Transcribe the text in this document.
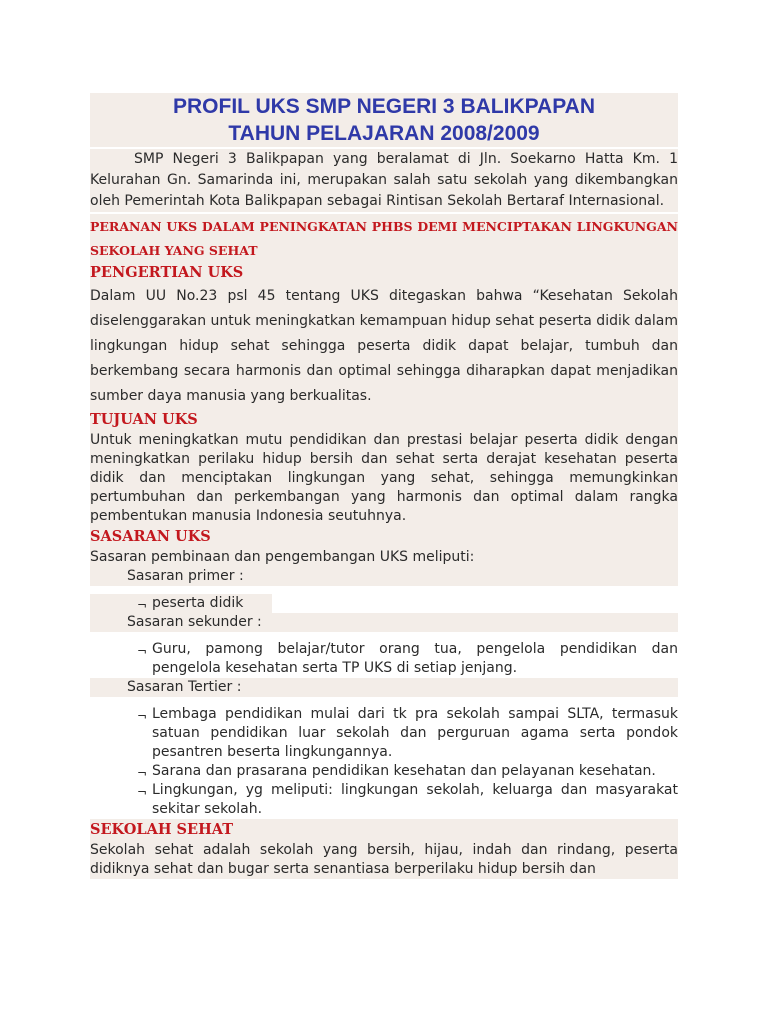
PROFIL UKS SMP NEGERI 3 BALIKPAPAN

TAHUN PELAJARAN 2008/2009

SMP Negeri 3 Balikpapan yang beralamat di Jln. Soekarno Hatta Km. 1 Kelurahan Gn. Samarinda ini, merupakan salah satu sekolah yang dikembangkan oleh Pemerintah Kota Balikpapan sebagai Rintisan Sekolah Bertaraf Internasional.

PERANAN UKS DALAM PENINGKATAN PHBS DEMI MENCIPTAKAN LINGKUNGAN

SEKOLAH YANG SEHAT

PENGERTIAN UKS

Dalam UU No.23 psl 45 tentang UKS ditegaskan bahwa “Kesehatan Sekolah diselenggarakan untuk meningkatkan kemampuan hidup sehat peserta didik dalam lingkungan hidup sehat sehingga peserta didik dapat belajar, tumbuh dan berkembang secara harmonis dan optimal sehingga diharapkan dapat menjadikan sumber daya manusia yang berkualitas.

TUJUAN UKS

Untuk meningkatkan mutu pendidikan dan prestasi belajar peserta didik dengan meningkatkan perilaku hidup bersih dan sehat serta derajat kesehatan peserta didik dan menciptakan lingkungan yang sehat, sehingga memungkinkan pertumbuhan dan perkembangan yang harmonis dan optimal dalam rangka pembentukan manusia Indonesia seutuhnya.

SASARAN UKS

Sasaran pembinaan dan pengembangan UKS meliputi:

Sasaran primer :

¬ peserta didik

Sasaran sekunder :

¬ Guru, pamong belajar/tutor orang tua, pengelola pendidikan dan pengelola kesehatan serta TP UKS di setiap jenjang.

Sasaran Tertier :

¬ Lembaga pendidikan mulai dari tk pra sekolah sampai SLTA, termasuk satuan pendidikan luar sekolah dan perguruan agama serta pondok pesantren beserta lingkungannya.
¬ Sarana dan prasarana pendidikan kesehatan dan pelayanan kesehatan.
¬ Lingkungan, yg meliputi: lingkungan sekolah, keluarga dan masyarakat sekitar sekolah.

SEKOLAH SEHAT

Sekolah sehat adalah sekolah yang bersih, hijau, indah dan rindang, peserta didiknya sehat dan bugar serta senantiasa berperilaku hidup bersih dan
